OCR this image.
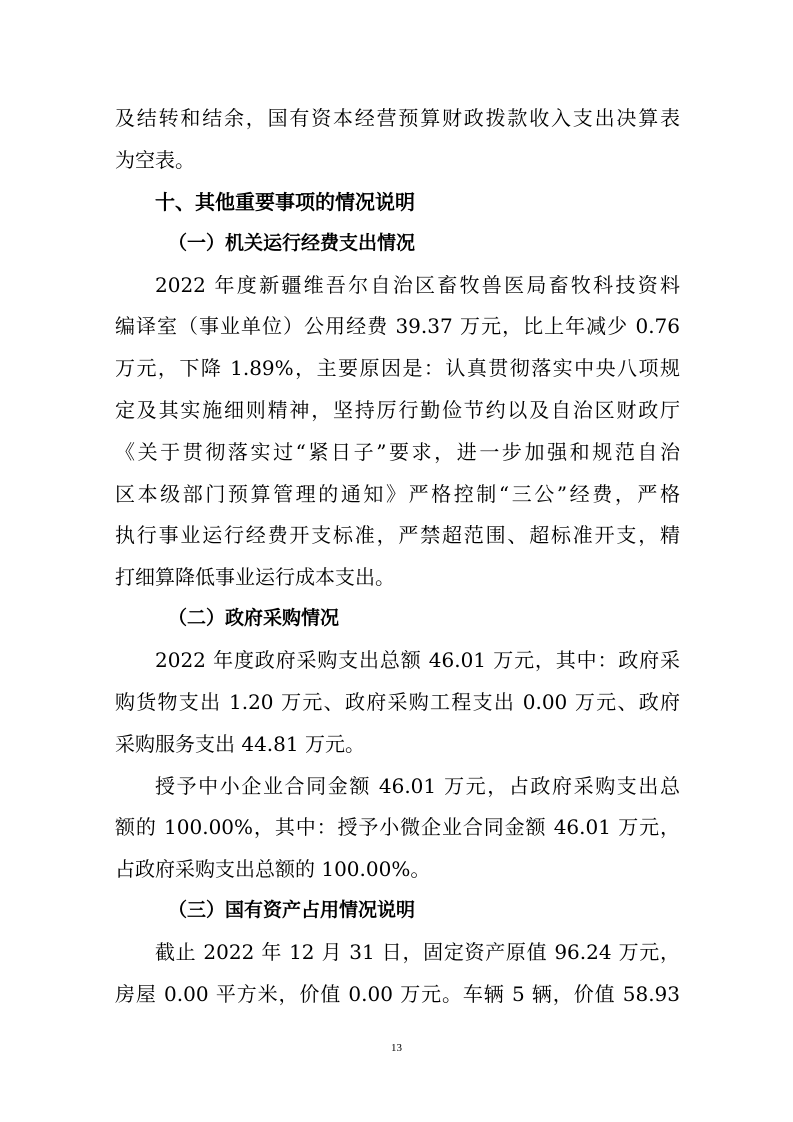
及结转和结余，国有资本经营预算财政拨款收入支出决算表
为空表。
十、其他重要事项的情况说明
（一）机关运行经费支出情况
2022 年度新疆维吾尔自治区畜牧兽医局畜牧科技资料
编译室（事业单位）公用经费 39.37 万元，比上年减少 0.76
万元，下降 1.89%，主要原因是：认真贯彻落实中央八项规
定及其实施细则精神，坚持厉行勤俭节约以及自治区财政厅
《关于贯彻落实过“紧日子”要求，进一步加强和规范自治
区本级部门预算管理的通知》严格控制“三公”经费，严格
执行事业运行经费开支标准，严禁超范围、超标准开支，精
打细算降低事业运行成本支出。
（二）政府采购情况
2022 年度政府采购支出总额 46.01 万元，其中：政府采
购货物支出 1.20 万元、政府采购工程支出 0.00 万元、政府
采购服务支出 44.81 万元。
授予中小企业合同金额 46.01 万元，占政府采购支出总
额的 100.00%，其中：授予小微企业合同金额 46.01 万元，
占政府采购支出总额的 100.00%。
（三）国有资产占用情况说明
截止 2022 年 12 月 31 日，固定资产原值 96.24 万元，
房屋 0.00 平方米，价值 0.00 万元。车辆 5 辆，价值 58.93
13
